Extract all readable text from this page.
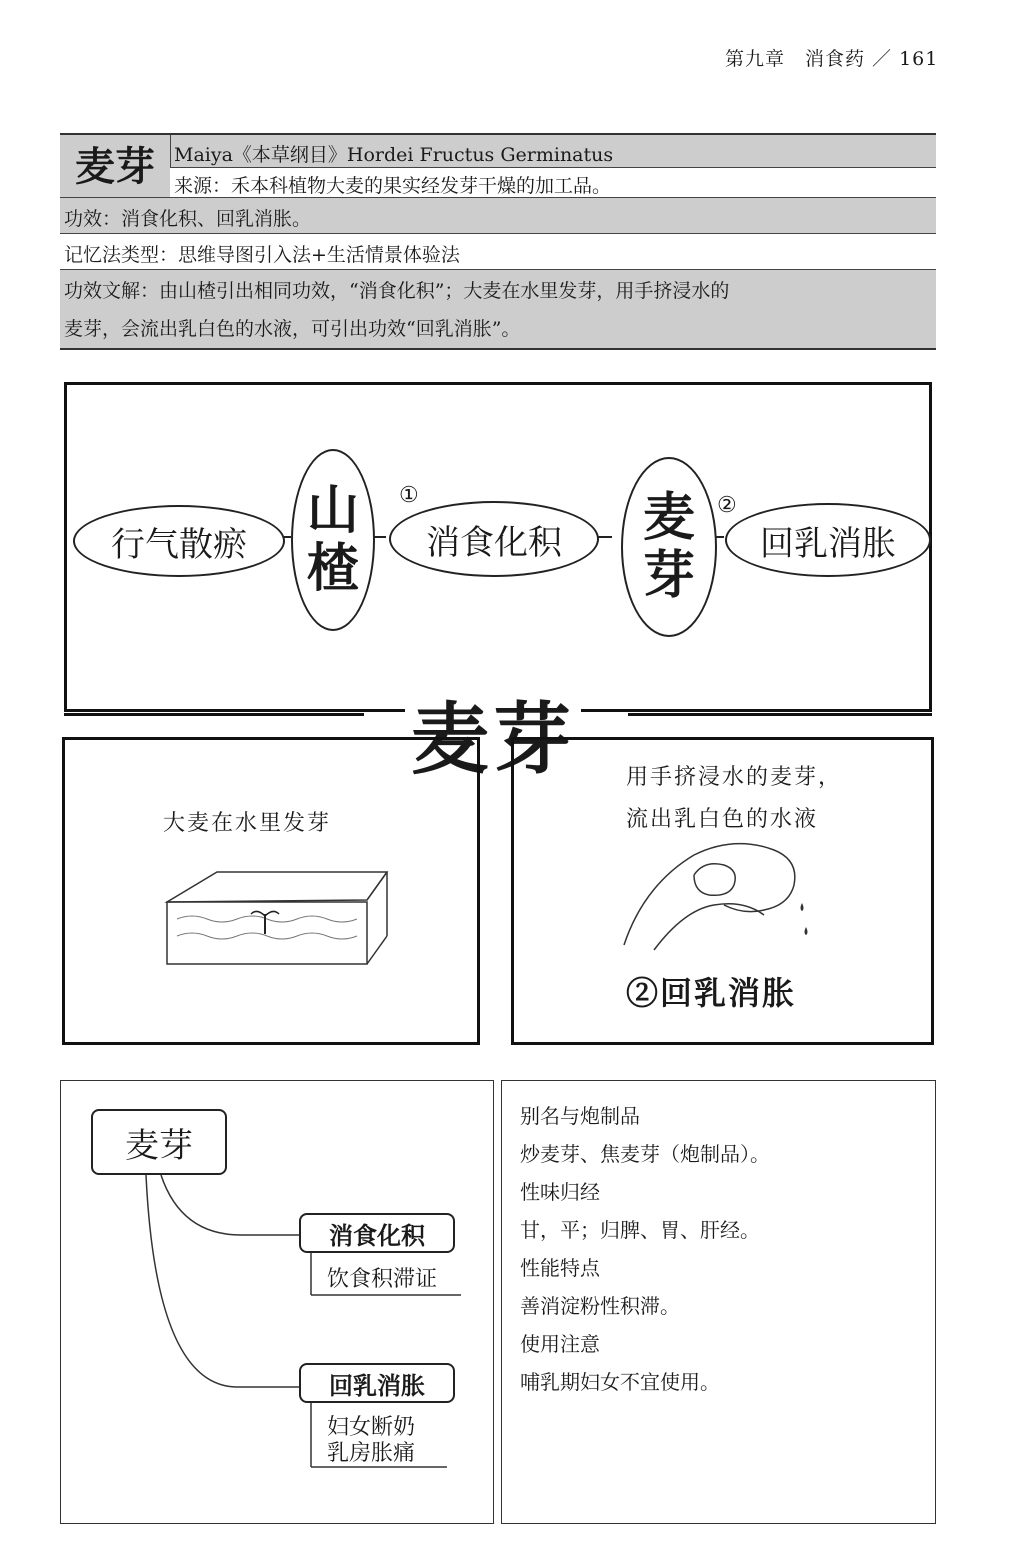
第九章　消食药 ／ 161
麦芽	Maiya《本草纲目》Hordei Fructus Germinatus
来源：禾本科植物大麦的果实经发芽干燥的加工品。
功效：消食化积、回乳消胀。
记忆法类型：思维导图引入法+生活情景体验法
功效文解：由山楂引出相同功效，“消食化积”；大麦在水里发芽，用手挤浸水的
麦芽，会流出乳白色的水液，可引出功效“回乳消胀”。
行气散瘀
山
楂
①
消食化积	麦
芽
②
回乳消胀
麦芽
大麦在水里发芽
用手挤浸水的麦芽，
流出乳白色的水液
②回乳消胀
麦芽
消食化积
饮食积滞证
回乳消胀
妇女断奶
乳房胀痛
别名与炮制品
炒麦芽、焦麦芽（炮制品）。
性味归经
甘，平；归脾、胃、肝经。
性能特点
善消淀粉性积滞。
使用注意
哺乳期妇女不宜使用。
